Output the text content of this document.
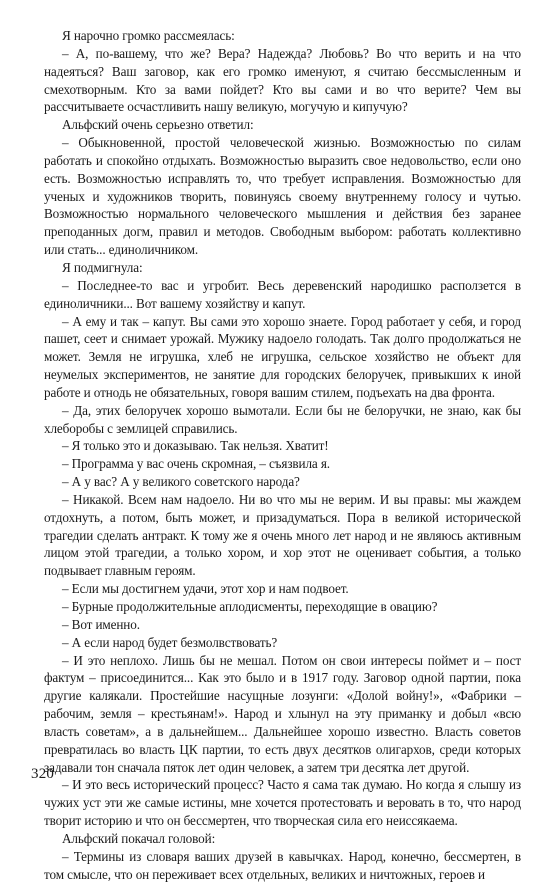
Я нарочно громко рассмеялась:

– А, по-вашему, что же? Вера? Надежда? Любовь? Во что верить и на что надеяться? Ваш заговор, как его громко именуют, я считаю бессмысленным и смехотворным. Кто за вами пойдет? Кто вы сами и во что верите? Чем вы рассчитываете осчастливить нашу великую, могучую и кипучую?

Альфский очень серьезно ответил:

– Обыкновенной, простой человеческой жизнью. Возможностью по силам работать и спокойно отдыхать. Возможностью выразить свое недовольство, если оно есть. Возможностью исправлять то, что требует исправления. Возможностью для ученых и художников творить, повинуясь своему внутреннему голосу и чутью. Возможностью нормального человеческого мышления и действия без заранее преподанных догм, правил и методов. Свободным выбором: работать коллективно или стать... единоличником.

Я подмигнула:

– Последнее-то вас и угробит. Весь деревенский народишко расползется в единоличники... Вот вашему хозяйству и капут.

– А ему и так – капут. Вы сами это хорошо знаете. Город работает у себя, и город пашет, сеет и снимает урожай. Мужику надоело голодать. Так долго продолжаться не может. Земля не игрушка, хлеб не игрушка, сельское хозяйство не объект для неумелых экспериментов, не занятие для городских белоручек, привыкших к иной работе и отнодь не обязательных, говоря вашим стилем, подъехать на два фронта.

– Да, этих белоручек хорошо вымотали. Если бы не белоручки, не знаю, как бы хлеборобы с землицей справились.

– Я только это и доказываю. Так нельзя. Хватит!

– Программа у вас очень скромная, – съязвила я.

– А у вас? А у великого советского народа?

– Никакой. Всем нам надоело. Ни во что мы не верим. И вы правы: мы жаждем отдохнуть, а потом, быть может, и призадуматься. Пора в великой исторической трагедии сделать антракт. К тому же я очень много лет народ и не являюсь активным лицом этой трагедии, а только хором, и хор этот не оценивает события, а только подвывает главным героям.

– Если мы достигнем удачи, этот хор и нам подвоет.

– Бурные продолжительные аплодисменты, переходящие в овацию?

– Вот именно.

– А если народ будет безмолвствовать?

– И это неплохо. Лишь бы не мешал. Потом он свои интересы поймет и – пост фактум – присоединится... Как это было и в 1917 году. Заговор одной партии, пока другие калякали. Простейшие насущные лозунги: «Долой войну!», «Фабрики – рабочим, земля – крестьянам!». Народ и хлынул на эту приманку и добыл «всю власть советам», а в дальнейшем... Дальнейшее хорошо известно. Власть советов превратилась во власть ЦК партии, то есть двух десятков олигархов, среди которых задавали тон сначала пяток лет один человек, а затем три десятка лет другой.

– И это весь исторический процесс? Часто я сама так думаю. Но когда я слышу из чужих уст эти же самые истины, мне хочется протестовать и веровать в то, что народ творит историю и что он бессмертен, что творческая сила его неиссякаема.

Альфский покачал головой:

– Термины из словаря ваших друзей в кавычках. Народ, конечно, бессмертен, в том смысле, что он переживает всех отдельных, великих и ничтожных, героев и

320
